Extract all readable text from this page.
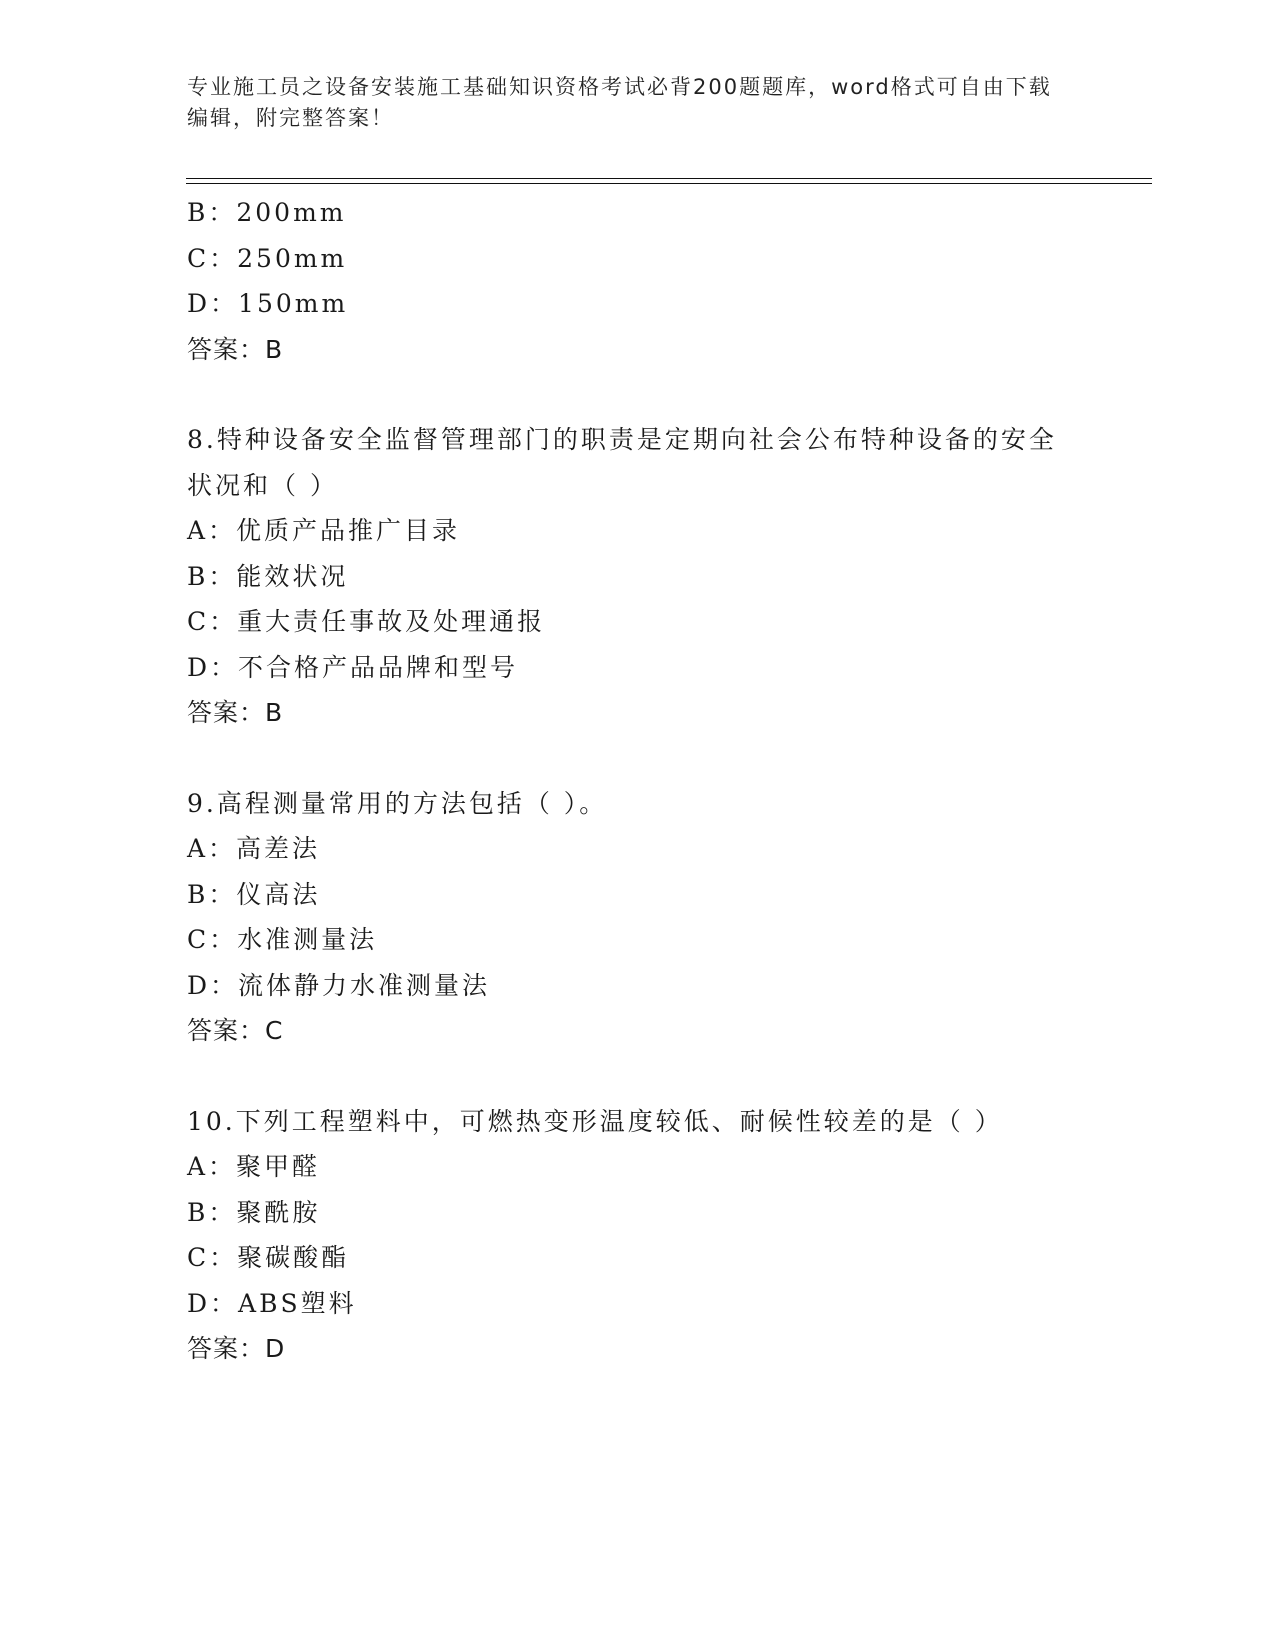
专业施工员之设备安装施工基础知识资格考试必背200题题库，word格式可自由下载编辑，附完整答案！
B：200mm
C：250mm
D：150mm
答案：B
8.特种设备安全监督管理部门的职责是定期向社会公布特种设备的安全状况和（ ）
A：优质产品推广目录
B：能效状况
C：重大责任事故及处理通报
D：不合格产品品牌和型号
答案：B
9.高程测量常用的方法包括（ ）。
A：高差法
B：仪高法
C：水准测量法
D：流体静力水准测量法
答案：C
10.下列工程塑料中，可燃热变形温度较低、耐候性较差的是（ ）
A：聚甲醛
B：聚酰胺
C：聚碳酸酯
D：ABS塑料
答案：D
